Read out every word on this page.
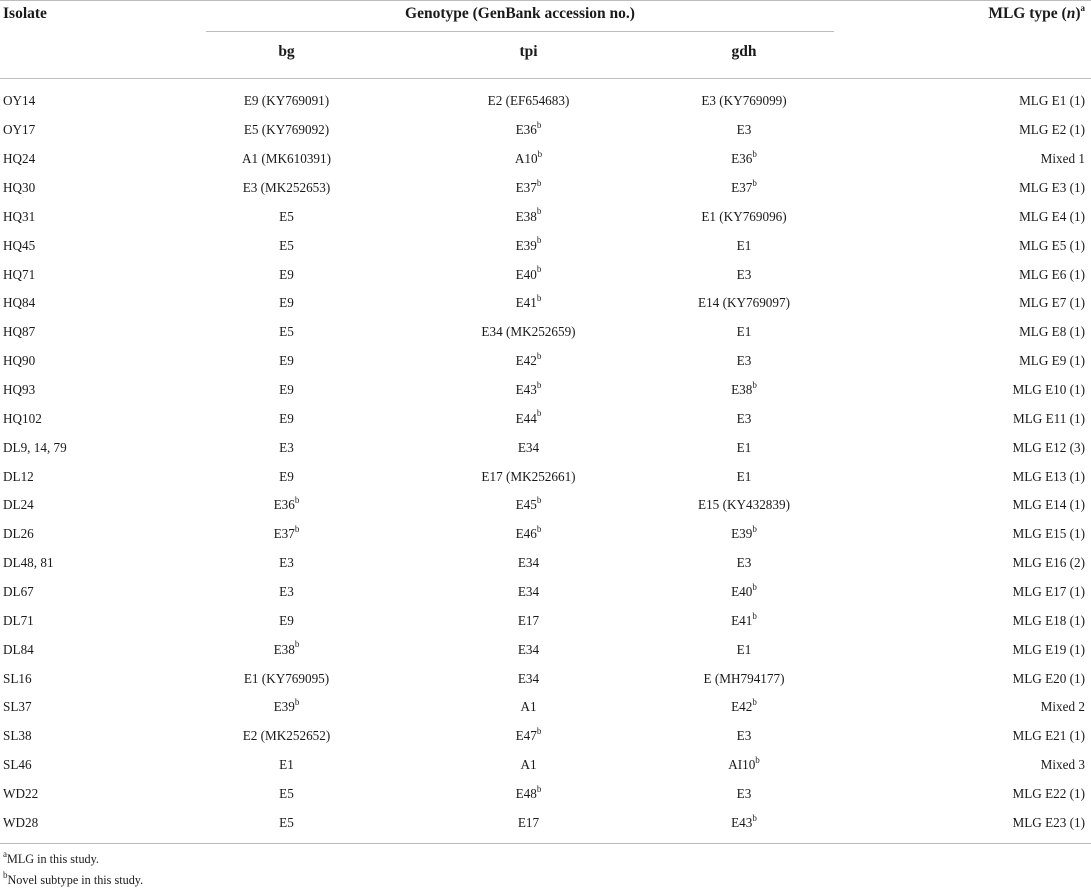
Isolate	Genotype (GenBank accession no.)	MLG type $(n)^a$
bg	tpi	gdh
OY14	E9 (KY769091)		E2 (EF654683)		E3 (KY769099)	MLG E1 (1)
OY17	E5 (KY769092)		E36$^b$		E3	MLG E2 (1)
HQ24	A1 (MK610391)		A10$^b$		E36$^b$	Mixed 1
HQ30	E3 (MK252653)		E37$^b$		E37$^b$	MLG E3 (1)
HQ31	E5		E38$^b$		E1 (KY769096)	MLG E4 (1)
HQ45	E5		E39$^b$		E1	MLG E5 (1)
HQ71	E9		E40$^b$		E3	MLG E6 (1)
HQ84	E9		E41$^b$		E14 (KY769097)	MLG E7 (1)
HQ87	E5		E34 (MK252659)		E1	MLG E8 (1)
HQ90	E9		E42$^b$		E3	MLG E9 (1)
HQ93	E9		E43$^b$		E38$^b$	MLG E10 (1)
HQ102	E9		E44$^b$		E3	MLG E11 (1)
DL9, 14, 79	E3		E34		E1	MLG E12 (3)
DL12	E9		E17 (MK252661)		E1	MLG E13 (1)
DL24	E36$^b$		E45$^b$		E15 (KY432839)	MLG E14 (1)
DL26	E37$^b$		E46$^b$		E39$^b$	MLG E15 (1)
DL48, 81	E3		E34		E3	MLG E16 (2)
DL67	E3		E34		E40$^b$	MLG E17 (1)
DL71	E9		E17		E41$^b$	MLG E18 (1)
DL84	E38$^b$		E34		E1	MLG E19 (1)
SL16	E1 (KY769095)		E34		E (MH794177)	MLG E20 (1)
SL37	E39$^b$		A1		E42$^b$	Mixed 2
SL38	E2 (MK252652)		E47$^b$		E3	MLG E21 (1)
SL46	E1		A1		AI10$^b$	Mixed 3
WD22	E5		E48$^b$		E3	MLG E22 (1)
WD28	E5		E17		E43$^b$	MLG E23 (1)
$^a$MLG in this study.
$^b$Novel subtype in this study.
